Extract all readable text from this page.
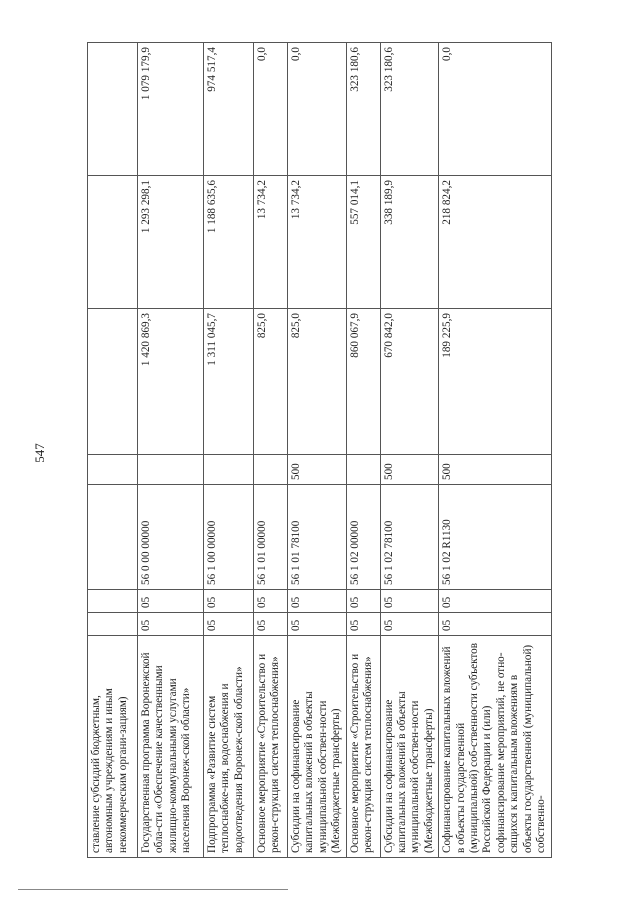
547
ставление субсидий бюджетным, автономным учреждениям и иным некоммерческим органи-зациям)							
Государственная программа Воронежской обла-сти «Обеспечение качественными жилищно-коммунальными услугами населения Воронеж-ской области»	05	05	56 0 00 00000		1 420 869,3	1 293 298,1	1 079 179,9
Подпрограмма «Развитие систем теплоснабже-ния, водоснабжения и водоотведения Воронеж-ской области»	05	05	56 1 00 00000		1 311 045,7	1 188 635,6	974 517,4
Основное мероприятие «Строительство и рекон-струкция систем теплоснабжения»	05	05	56 1 01 00000		825,0	13 734,2	0,0
Субсидии на софинансирование капитальных вложений в объекты муниципальной собствен-ности (Межбюджетные трансферты)	05	05	56 1 01 78100	500	825,0	13 734,2	0,0
Основное мероприятие «Строительство и рекон-струкция систем теплоснабжения»	05	05	56 1 02 00000		860 067,9	557 014,1	323 180,6
Субсидии на софинансирование капитальных вложений в объекты муниципальной собствен-ности (Межбюджетные трансферты)	05	05	56 1 02 78100	500	670 842,0	338 189,9	323 180,6
Софинансирование капитальных вложений в объекты государственной (муниципальной) соб-ственности субъектов Российской Федерации и (или) софинансирование мероприятий, не отно-сящихся к капитальным вложениям в объекты государственной (муниципальной) собственно-	05	05	56 1 02 R1130	500	189 225,9	218 824,2	0,0
